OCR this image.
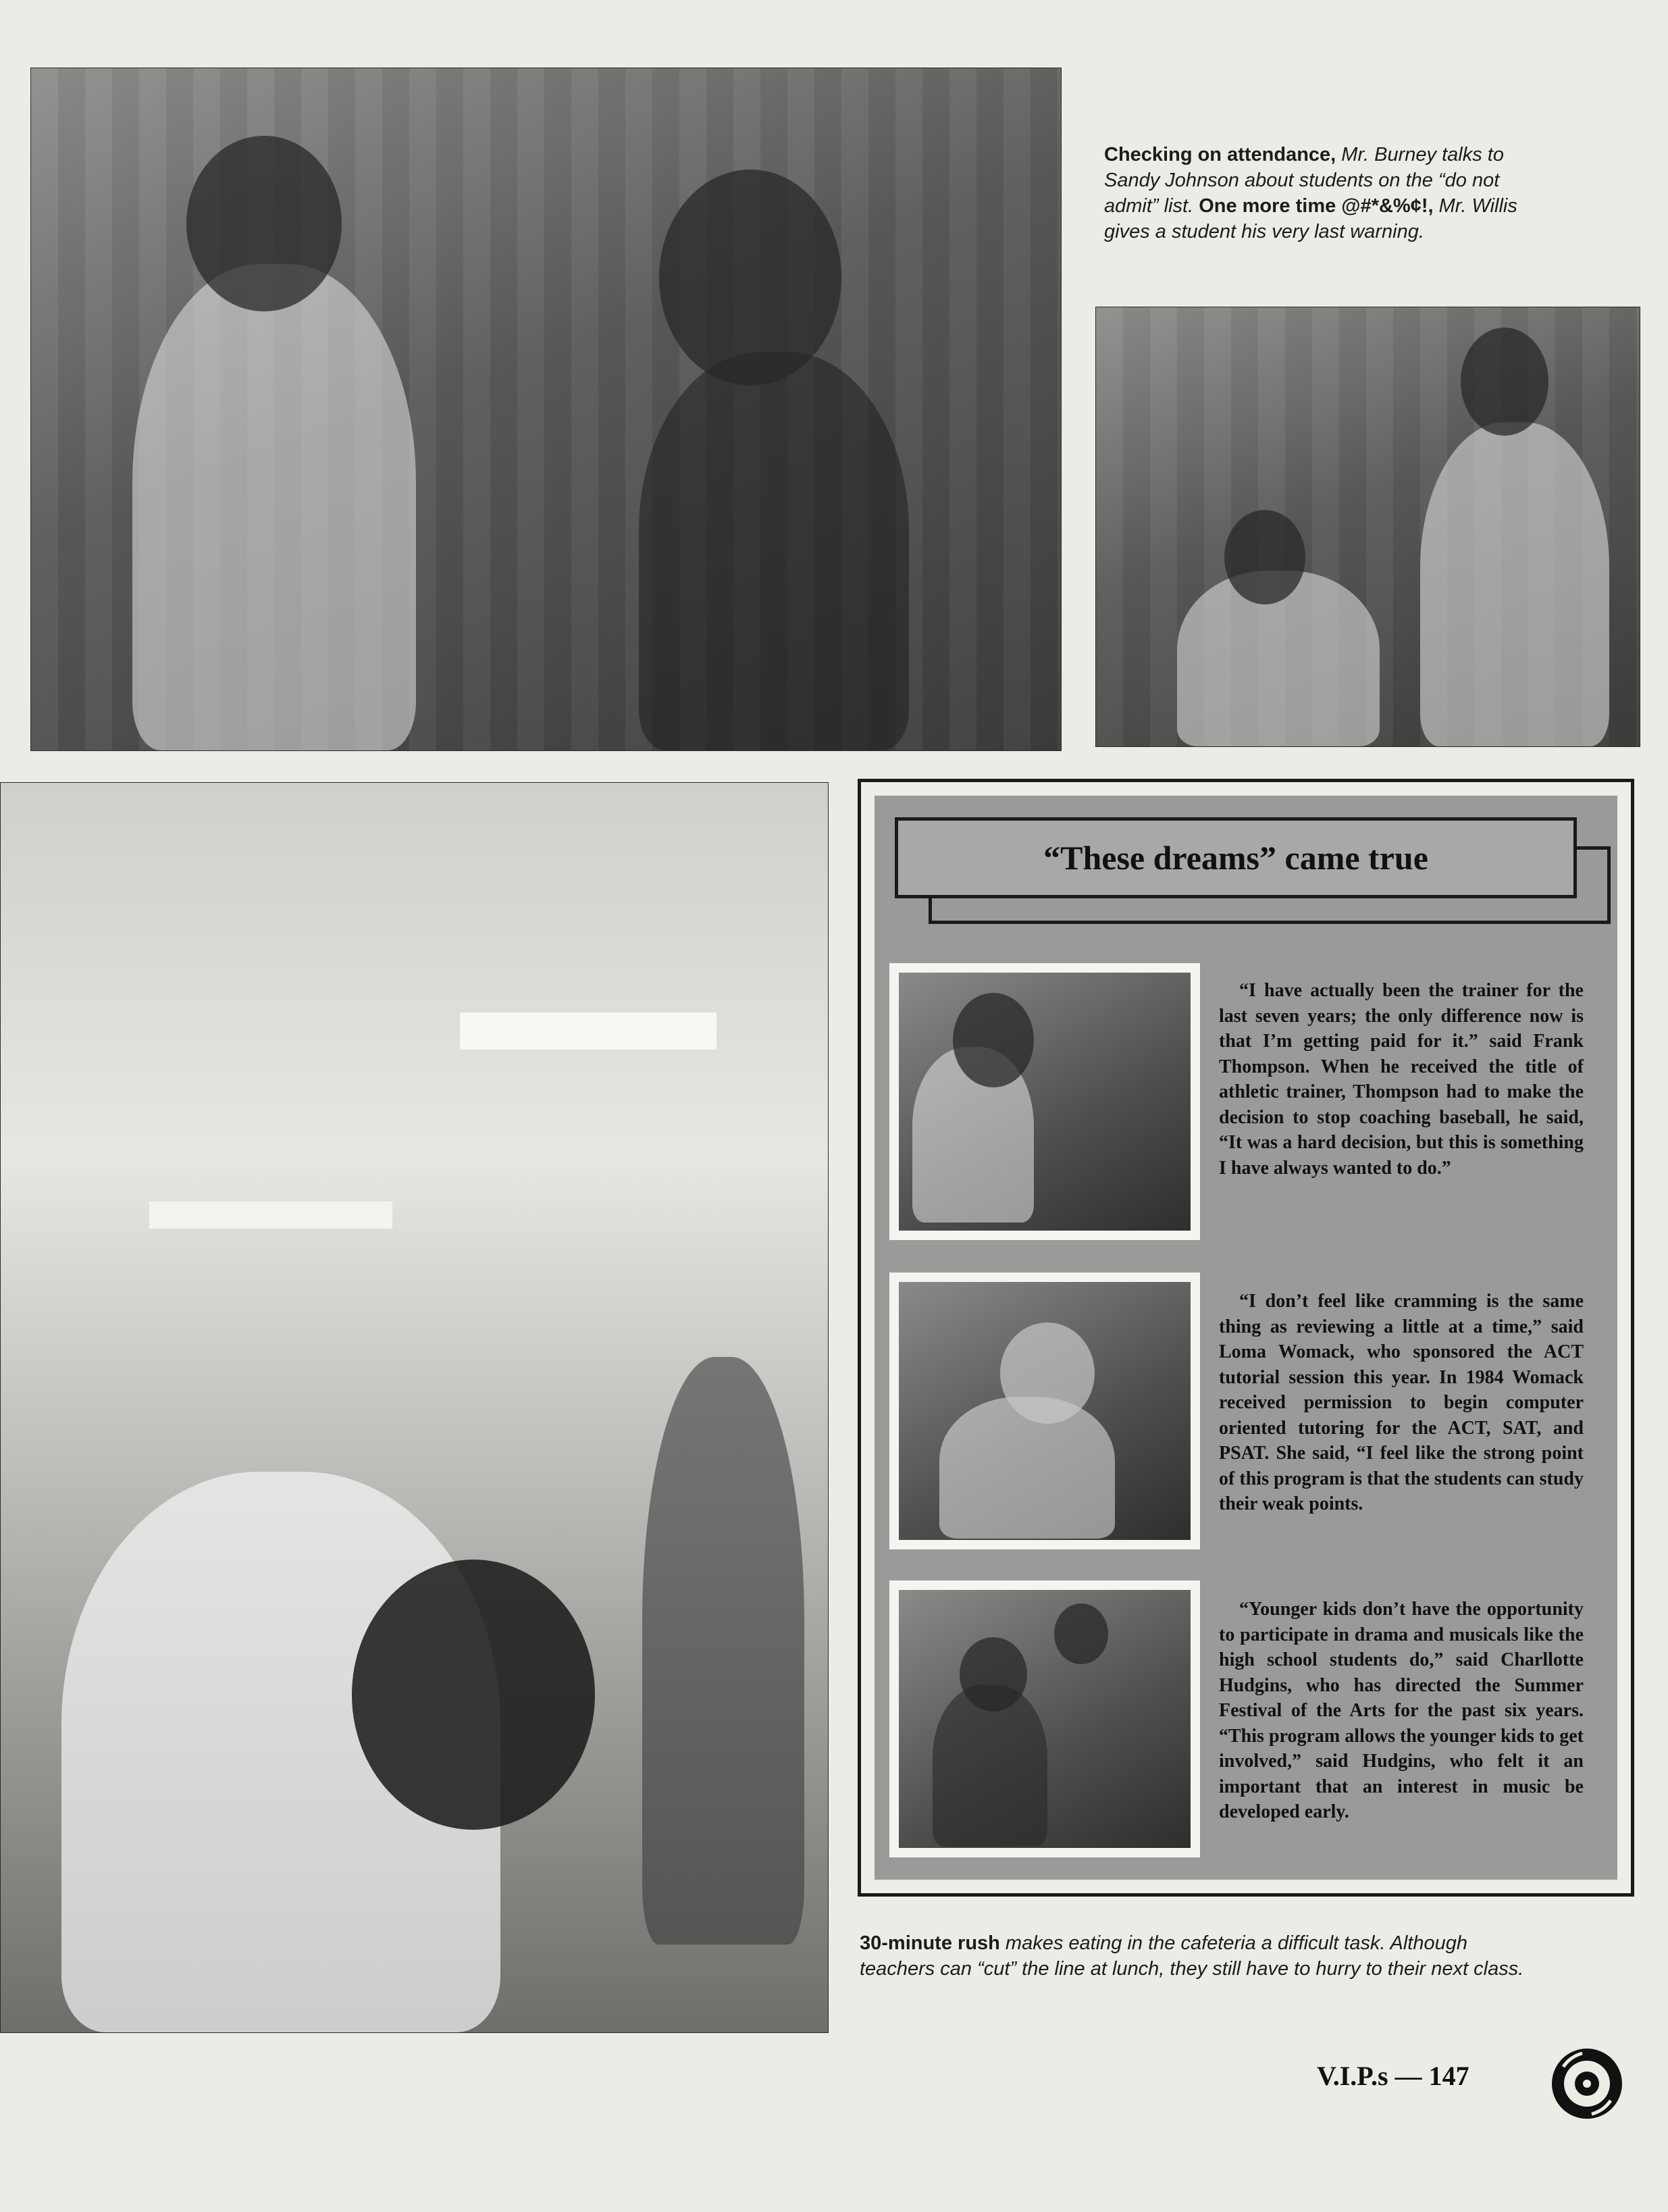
Checking on attendance, Mr. Burney talks to Sandy Johnson about students on the “do not admit” list. One more time @#*&%¢!, Mr. Willis gives a student his very last warning.
“These dreams” came true
“I have actually been the trainer for the last seven years; the only difference now is that I’m getting paid for it.” said Frank Thompson. When he received the title of athletic trainer, Thompson had to make the decision to stop coaching baseball, he said, “It was a hard decision, but this is something I have always wanted to do.”
“I don’t feel like cramming is the same thing as reviewing a little at a time,” said Loma Womack, who sponsored the ACT tutorial session this year. In 1984 Womack received permission to begin computer oriented tutoring for the ACT, SAT, and PSAT. She said, “I feel like the strong point of this program is that the students can study their weak points.
“Younger kids don’t have the opportunity to participate in drama and musicals like the high school students do,” said Charllotte Hudgins, who has directed the Summer Festival of the Arts for the past six years. “This program allows the younger kids to get involved,” said Hudgins, who felt it an important that an interest in music be developed early.
30-minute rush makes eating in the cafeteria a difficult task. Although teachers can “cut” the line at lunch, they still have to hurry to their next class.
V.I.P.s — 147
